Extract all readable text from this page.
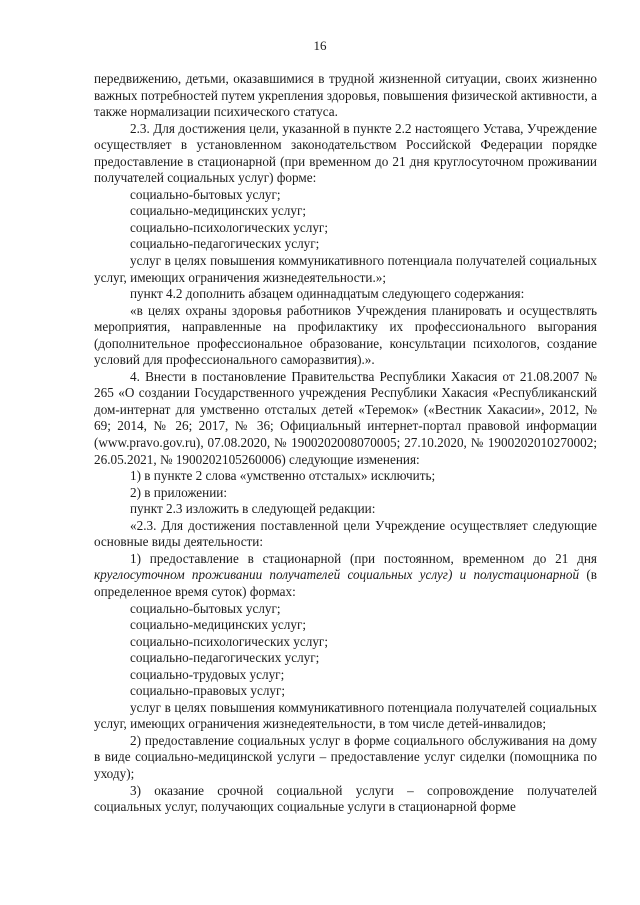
16

передвижению, детьми, оказавшимися в трудной жизненной ситуации, своих жизненно важных потребностей путем укрепления здоровья, повышения физической активности, а также нормализации психического статуса.

2.3. Для достижения цели, указанной в пункте 2.2 настоящего Устава, Учреждение осуществляет в установленном законодательством Российской Федерации порядке предоставление в стационарной (при временном до 21 дня круглосуточном проживании получателей социальных услуг) форме:

социально-бытовых услуг;

социально-медицинских услуг;

социально-психологических услуг;

социально-педагогических услуг;

услуг в целях повышения коммуникативного потенциала получателей социальных услуг, имеющих ограничения жизнедеятельности.»;

пункт 4.2 дополнить абзацем одиннадцатым следующего содержания:

«в целях охраны здоровья работников Учреждения планировать и осуществлять мероприятия, направленные на профилактику их профессионального выгорания (дополнительное профессиональное образование, консультации психологов, создание условий для профессионального саморазвития).».

4. Внести в постановление Правительства Республики Хакасия от 21.08.2007 № 265 «О создании Государственного учреждения Республики Хакасия «Республиканский дом-интернат для умственно отсталых детей «Теремок» («Вестник Хакасии», 2012, № 69; 2014, № 26; 2017, № 36; Официальный интернет-портал правовой информации (www.pravo.gov.ru), 07.08.2020, № 1900202008070005; 27.10.2020, № 1900202010270002; 26.05.2021, № 1900202105260006) следующие изменения:

1) в пункте 2 слова «умственно отсталых» исключить;

2) в приложении:

пункт 2.3 изложить в следующей редакции:

«2.3. Для достижения поставленной цели Учреждение осуществляет следующие основные виды деятельности:

1) предоставление в стационарной (при постоянном, временном до 21 дня круглосуточном проживании получателей социальных услуг) и полустационарной (в определенное время суток) формах:

социально-бытовых услуг;

социально-медицинских услуг;

социально-психологических услуг;

социально-педагогических услуг;

социально-трудовых услуг;

социально-правовых услуг;

услуг в целях повышения коммуникативного потенциала получателей социальных услуг, имеющих ограничения жизнедеятельности, в том числе детей-инвалидов;

2) предоставление социальных услуг в форме социального обслуживания на дому в виде социально-медицинской услуги – предоставление услуг сиделки (помощника по уходу);

3) оказание срочной социальной услуги – сопровождение получателей социальных услуг, получающих социальные услуги в стационарной форме
